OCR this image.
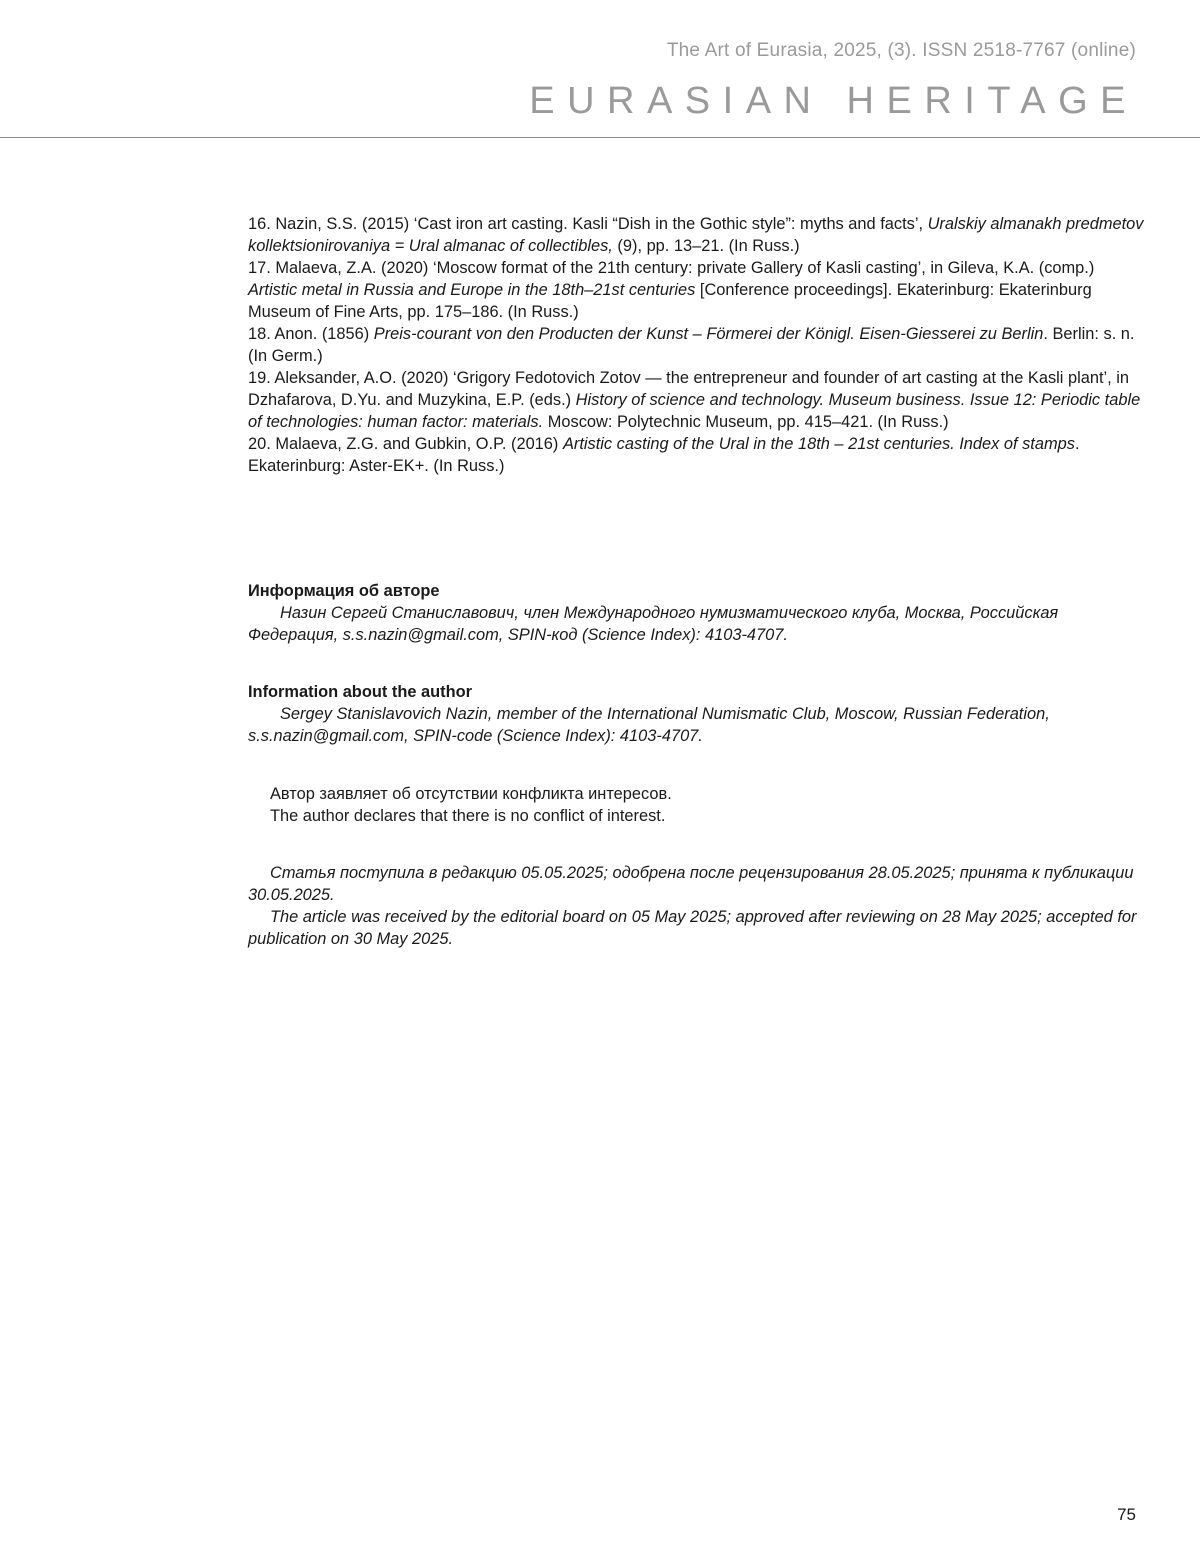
The Art of Eurasia, 2025, (3). ISSN 2518-7767 (online)
EURASIAN HERITAGE

16. Nazin, S.S. (2015) ‘Cast iron art casting. Kasli “Dish in the Gothic style”: myths and facts’, Uralskiy almanakh predmetov kollektsionirovaniya = Ural almanac of collectibles, (9), pp. 13–21. (In Russ.)

17. Malaeva, Z.A. (2020) ‘Moscow format of the 21th century: private Gallery of Kasli casting’, in Gileva, K.A. (comp.) Artistic metal in Russia and Europe in the 18th–21st centuries [Conference proceedings]. Ekaterinburg: Ekaterinburg Museum of Fine Arts, pp. 175–186. (In Russ.)

18. Anon. (1856) Preis-courant von den Producten der Kunst – Förmerei der Königl. Eisen-Giesserei zu Berlin. Berlin: s. n. (In Germ.)

19. Aleksander, A.O. (2020) ‘Grigory Fedotovich Zotov — the entrepreneur and founder of art casting at the Kasli plant’, in Dzhafarova, D.Yu. and Muzykina, E.P. (eds.) History of science and technology. Museum business. Issue 12: Periodic table of technologies: human factor: materials. Moscow: Polytechnic Museum, pp. 415–421. (In Russ.)

20. Malaeva, Z.G. and Gubkin, O.P. (2016) Artistic casting of the Ural in the 18th – 21st centuries. Index of stamps. Ekaterinburg: Aster-EK+. (In Russ.)

Информация об авторе

Назин Сергей Станиславович, член Международного нумизматического клуба, Москва, Российская Федерация, s.s.nazin@gmail.com, SPIN-код (Science Index): 4103-4707.

Information about the author

Sergey Stanislavovich Nazin, member of the International Numismatic Club, Moscow, Russian Federation, s.s.nazin@gmail.com, SPIN-code (Science Index): 4103-4707.

Автор заявляет об отсутствии конфликта интересов.

The author declares that there is no conflict of interest.

Статья поступила в редакцию 05.05.2025; одобрена после рецензирования 28.05.2025; принята к публикации 30.05.2025.

The article was received by the editorial board on 05 May 2025; approved after reviewing on 28 May 2025; accepted for publication on 30 May 2025.

75
